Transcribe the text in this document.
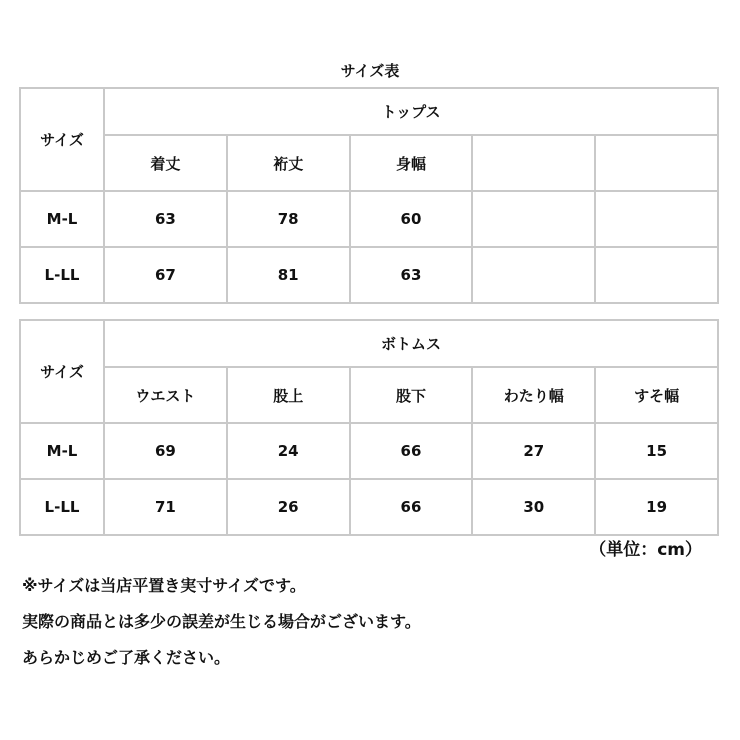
サイズ表
サイズ	トップス				
	着丈	裄丈	身幅		
M-L	63	78	60		
L-LL	67	81	63		
サイズ	ボトムス				
	ウエスト	股上	股下	わたり幅	すそ幅
M-L	69	24	66	27	15
L-LL	71	26	66	30	19
（単位：cm）
※サイズは当店平置き実寸サイズです。
実際の商品とは多少の誤差が生じる場合がございます。
あらかじめご了承ください。
